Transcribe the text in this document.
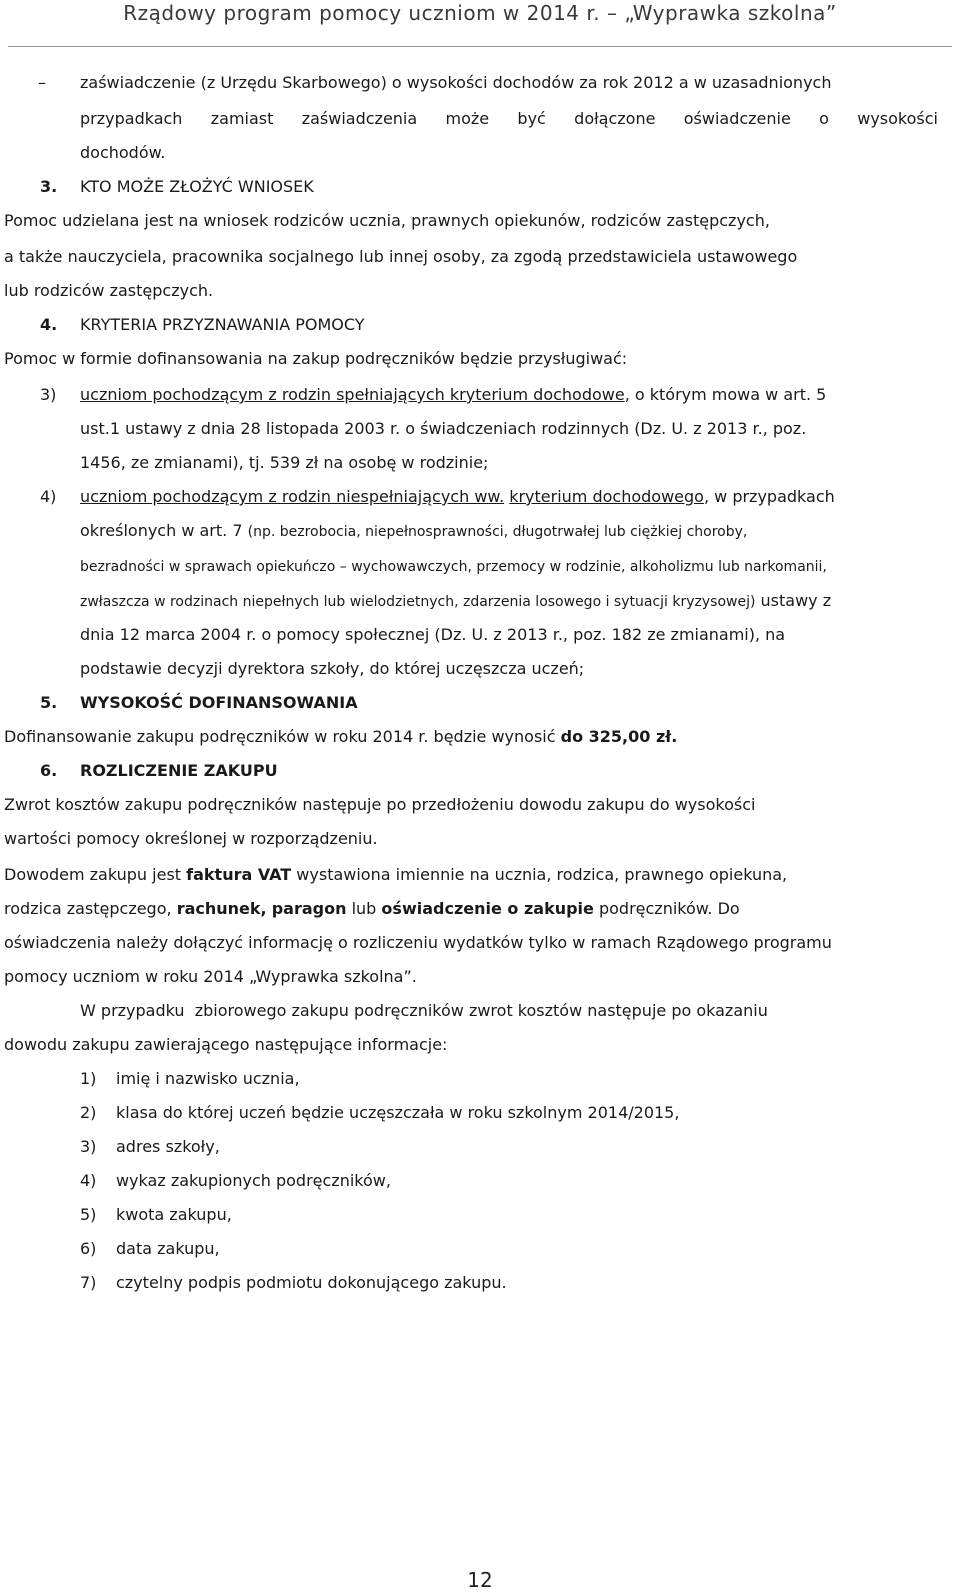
Rządowy program pomocy uczniom w 2014 r. – „Wyprawka szkolna”
– zaświadczenie (z Urzędu Skarbowego) o wysokości dochodów za rok 2012 a w uzasadnionych
przypadkach zamiast zaświadczenia może być dołączone oświadczenie o wysokości
dochodów.
3. KTO MOŻE ZŁOŻYĆ WNIOSEK
Pomoc udzielana jest na wniosek rodziców ucznia, prawnych opiekunów, rodziców zastępczych,
a także nauczyciela, pracownika socjalnego lub innej osoby, za zgodą przedstawiciela ustawowego
lub rodziców zastępczych.
4. KRYTERIA PRZYZNAWANIA POMOCY
Pomoc w formie dofinansowania na zakup podręczników będzie przysługiwać:
3) uczniom pochodzącym z rodzin spełniających kryterium dochodowe, o którym mowa w art. 5
ust.1 ustawy z dnia 28 listopada 2003 r. o świadczeniach rodzinnych (Dz. U. z 2013 r., poz.
1456, ze zmianami), tj. 539 zł na osobę w rodzinie;
4) uczniom pochodzącym z rodzin niespełniających ww. kryterium dochodowego, w przypadkach
określonych w art. 7 (np. bezrobocia, niepełnosprawności, długotrwałej lub ciężkiej choroby,
bezradności w sprawach opiekuńczo – wychowawczych, przemocy w rodzinie, alkoholizmu lub narkomanii,
zwłaszcza w rodzinach niepełnych lub wielodzietnych, zdarzenia losowego i sytuacji kryzysowej) ustawy z
dnia 12 marca 2004 r. o pomocy społecznej (Dz. U. z 2013 r., poz. 182 ze zmianami), na
podstawie decyzji dyrektora szkoły, do której uczęszcza uczeń;
5. WYSOKOŚĆ DOFINANSOWANIA
Dofinansowanie zakupu podręczników w roku 2014 r. będzie wynosić do 325,00 zł.
6. ROZLICZENIE ZAKUPU
Zwrot kosztów zakupu podręczników następuje po przedłożeniu dowodu zakupu do wysokości
wartości pomocy określonej w rozporządzeniu.
Dowodem zakupu jest faktura VAT wystawiona imiennie na ucznia, rodzica, prawnego opiekuna,
rodzica zastępczego, rachunek, paragon lub oświadczenie o zakupie podręczników. Do
oświadczenia należy dołączyć informację o rozliczeniu wydatków tylko w ramach Rządowego programu
pomocy uczniom w roku 2014 „Wyprawka szkolna”.
W przypadku  zbiorowego zakupu podręczników zwrot kosztów następuje po okazaniu
dowodu zakupu zawierającego następujące informacje:
1) imię i nazwisko ucznia,
2) klasa do której uczeń będzie uczęszczała w roku szkolnym 2014/2015,
3) adres szkoły,
4) wykaz zakupionych podręczników,
5) kwota zakupu,
6) data zakupu,
7) czytelny podpis podmiotu dokonującego zakupu.
12
